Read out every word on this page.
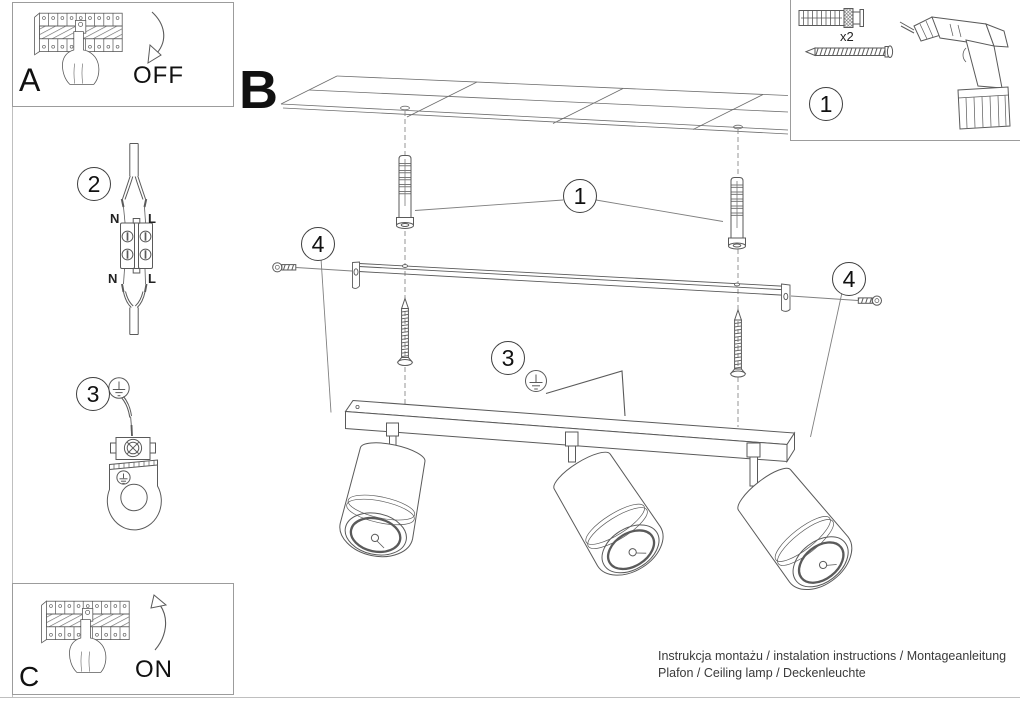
A	OFF
C	ON
B
x2
N L
N L
1
2
3
1
4
4
3
Instrukcja montażu / instalation instructions / Montageanleitung
Plafon / Ceiling lamp / Deckenleuchte
